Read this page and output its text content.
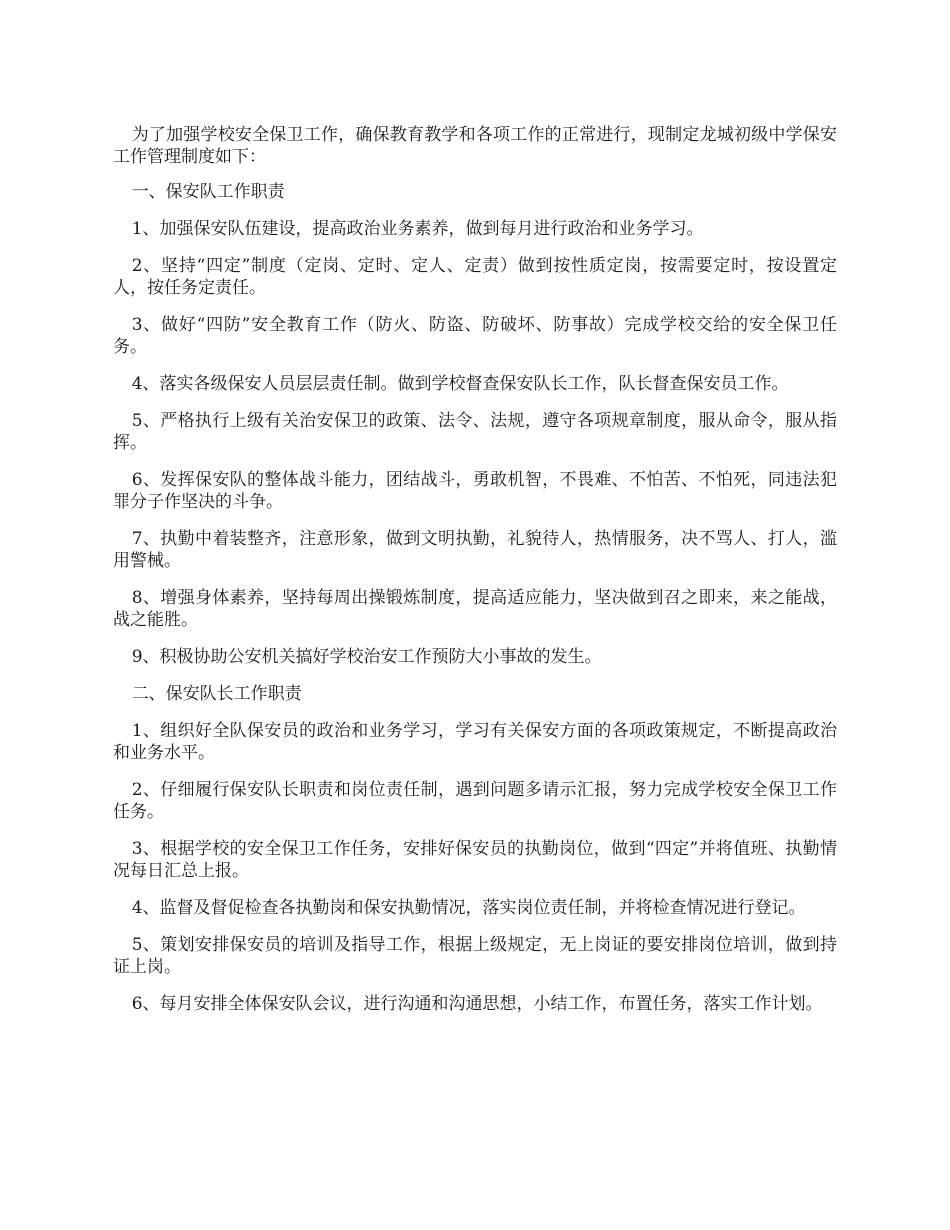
为了加强学校安全保卫工作，确保教育教学和各项工作的正常进行，现制定龙城初级中学保安工作管理制度如下：

一、保安队工作职责

1、加强保安队伍建设，提高政治业务素养，做到每月进行政治和业务学习。

2、坚持“四定”制度（定岗、定时、定人、定责）做到按性质定岗，按需要定时，按设置定人，按任务定责任。

3、做好“四防”安全教育工作（防火、防盗、防破坏、防事故）完成学校交给的安全保卫任务。

4、落实各级保安人员层层责任制。做到学校督查保安队长工作，队长督查保安员工作。

5、严格执行上级有关治安保卫的政策、法令、法规，遵守各项规章制度，服从命令，服从指挥。

6、发挥保安队的整体战斗能力，团结战斗，勇敢机智，不畏难、不怕苦、不怕死，同违法犯罪分子作坚决的斗争。

7、执勤中着装整齐，注意形象，做到文明执勤，礼貌待人，热情服务，决不骂人、打人，滥用警械。

8、增强身体素养，坚持每周出操锻炼制度，提高适应能力，坚决做到召之即来，来之能战，战之能胜。

9、积极协助公安机关搞好学校治安工作预防大小事故的发生。

二、保安队长工作职责

1、组织好全队保安员的政治和业务学习，学习有关保安方面的各项政策规定，不断提高政治和业务水平。

2、仔细履行保安队长职责和岗位责任制，遇到问题多请示汇报，努力完成学校安全保卫工作任务。

3、根据学校的安全保卫工作任务，安排好保安员的执勤岗位，做到“四定”并将值班、执勤情况每日汇总上报。

4、监督及督促检查各执勤岗和保安执勤情况，落实岗位责任制，并将检查情况进行登记。

5、策划安排保安员的培训及指导工作，根据上级规定，无上岗证的要安排岗位培训，做到持证上岗。

6、每月安排全体保安队会议，进行沟通和沟通思想，小结工作，布置任务，落实工作计划。
